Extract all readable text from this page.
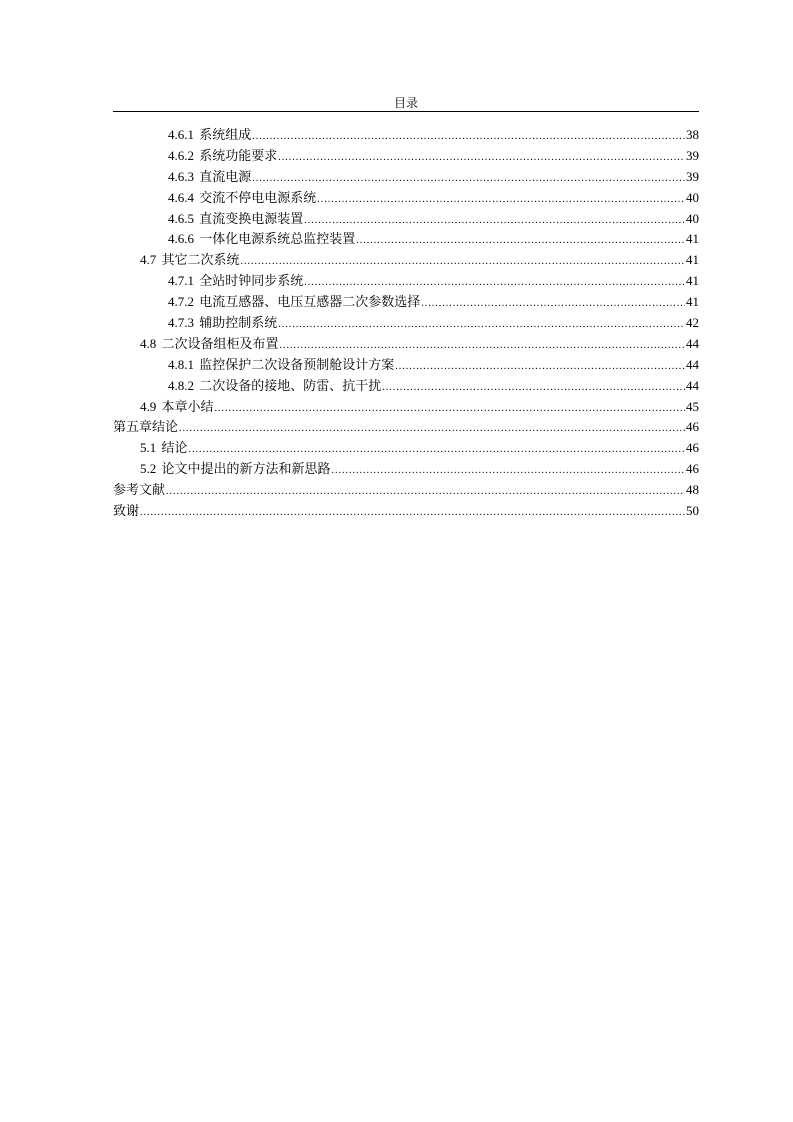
目录
4.6.1 系统组成 .....	38
4.6.2 系统功能要求 .....	39
4.6.3 直流电源 .....	39
4.6.4 交流不停电电源系统 .....	40
4.6.5 直流变换电源装置 .....	40
4.6.6 一体化电源系统总监控装置 .....	41
4.7 其它二次系统 .....	41
4.7.1 全站时钟同步系统 .....	41
4.7.2 电流互感器、电压互感器二次参数选择 .....	41
4.7.3 辅助控制系统 .....	42
4.8 二次设备组柜及布置 .....	44
4.8.1 监控保护二次设备预制舱设计方案 .....	44
4.8.2 二次设备的接地、防雷、抗干扰 .....	44
4.9 本章小结 .....	45
第五章结论 .....	46
5.1 结论 .....	46
5.2 论文中提出的新方法和新思路 .....	46
参考文献 .....	48
致谢 .....	50
